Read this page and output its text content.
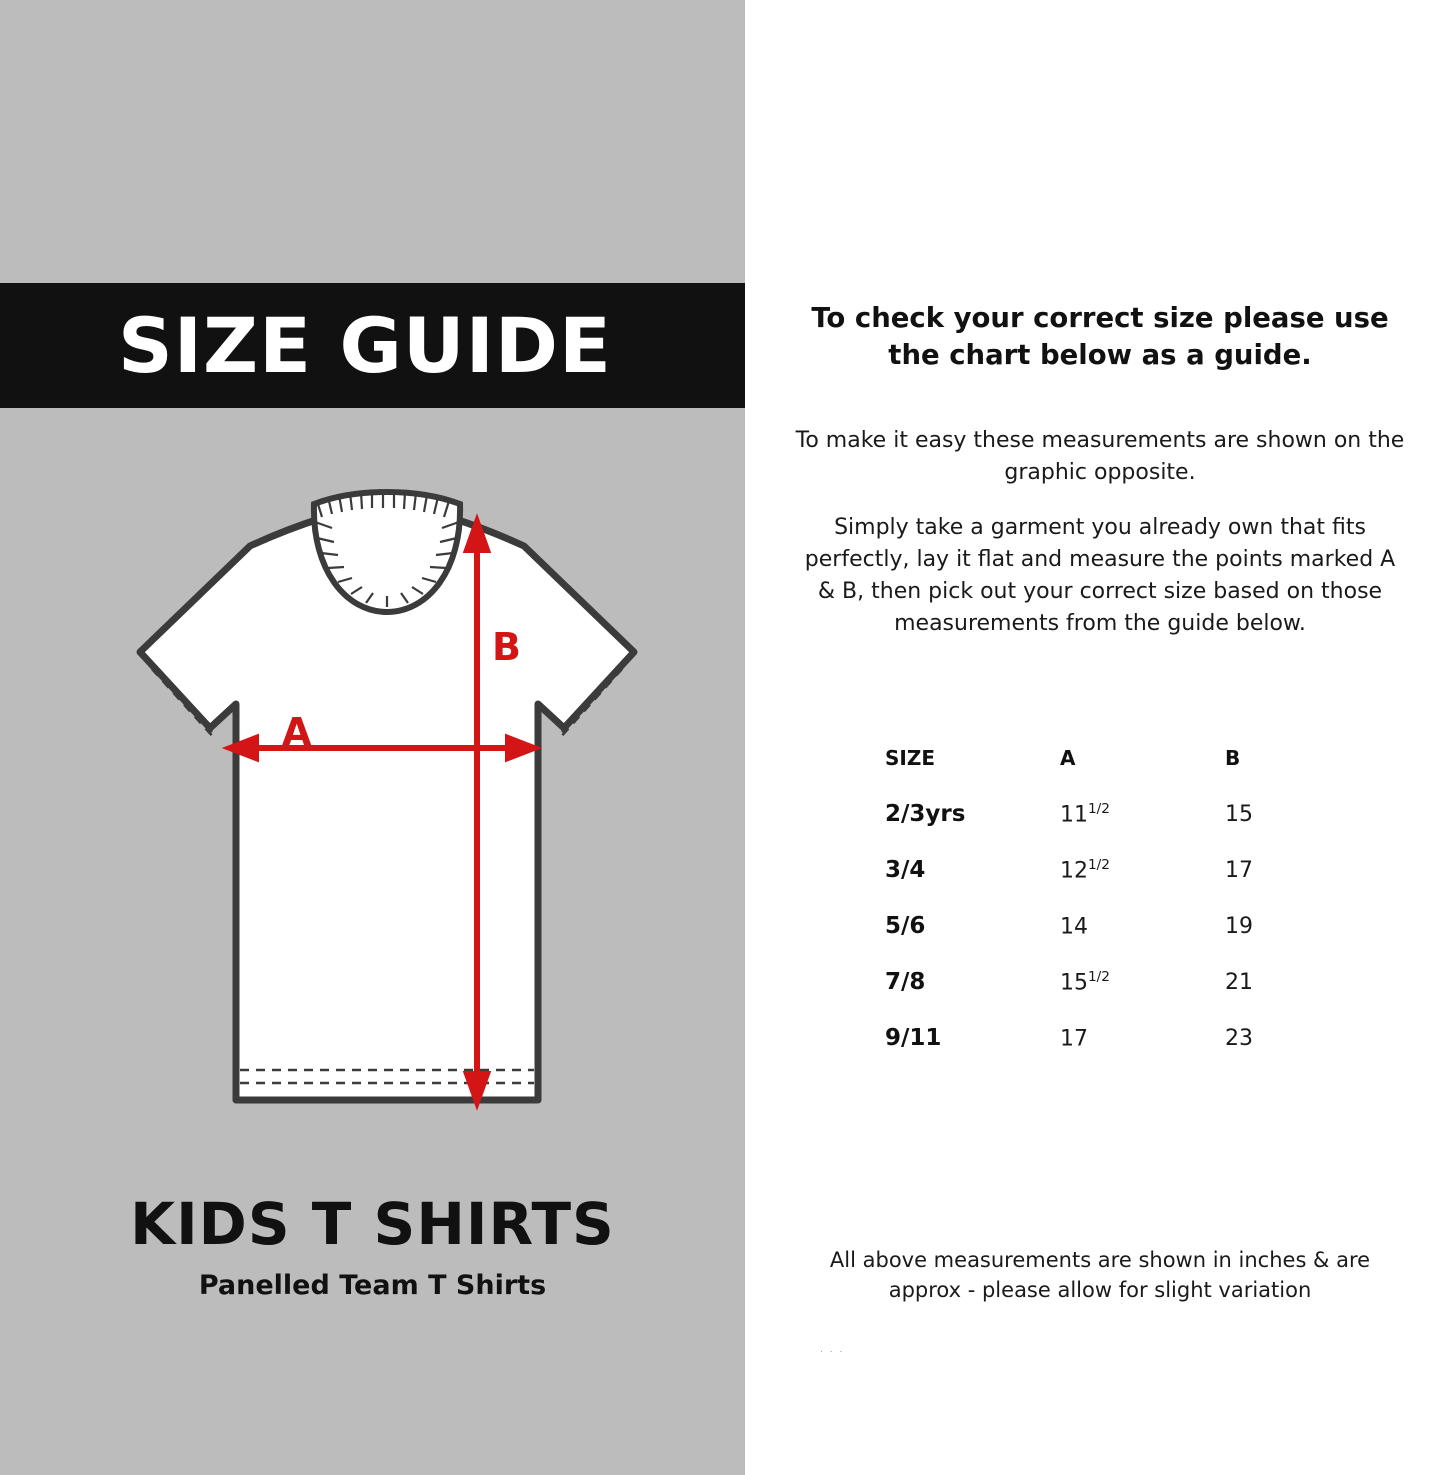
SIZE GUIDE
A
B
KIDS T SHIRTS
Panelled Team T Shirts
To check your correct size please use the chart below as a guide.
To make it easy these measurements are shown on the graphic opposite.
Simply take a garment you already own that fits perfectly, lay it flat and measure the points marked A & B, then pick out your correct size based on those measurements from the guide below.
SIZE	A	B
2/3yrs	$11^{1/2}$	15
3/4	$12^{1/2}$	17
5/6	14	19
7/8	$15^{1/2}$	21
9/11	17	23
All above measurements are shown in inches & are approx - please allow for slight variation
. . .
